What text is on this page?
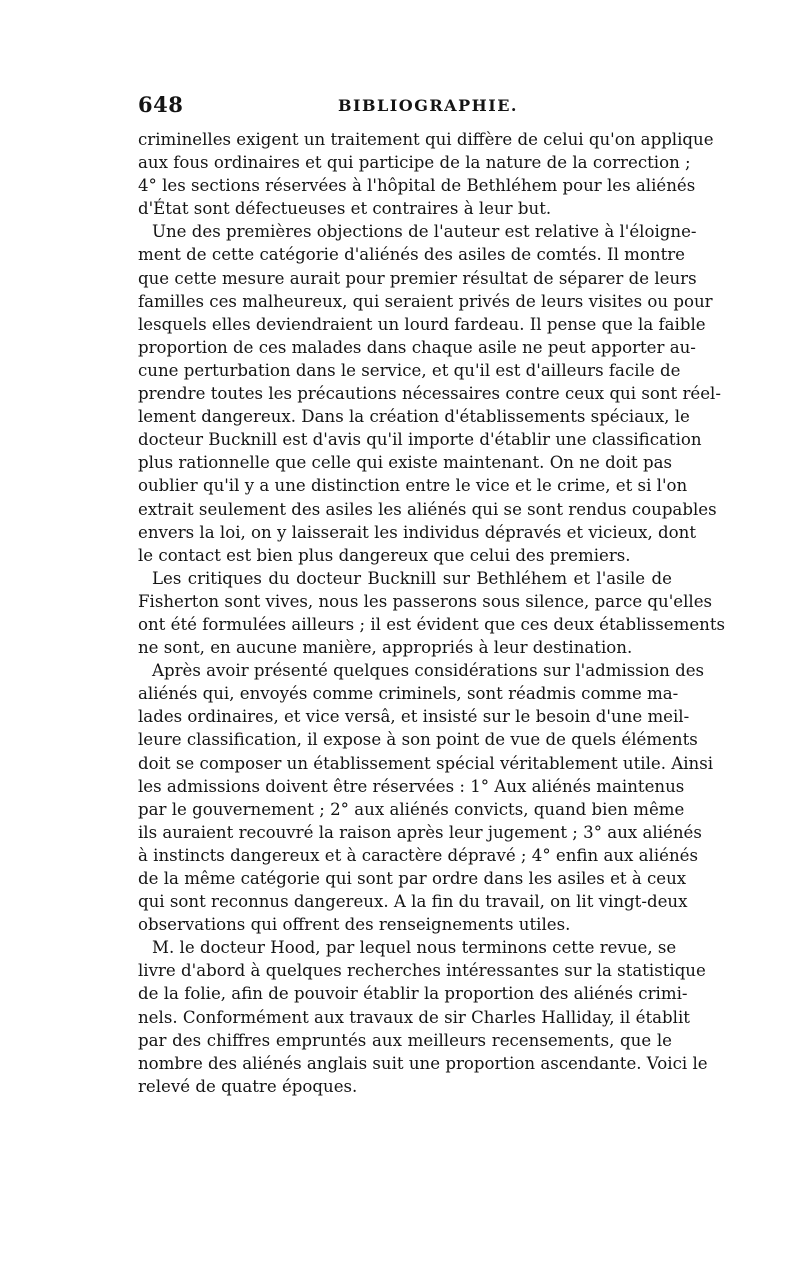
648	BIBLIOGRAPHIE.
criminelles exigent un traitement qui diffère de celui qu'on applique
aux fous ordinaires et qui participe de la nature de la correction ;
4° les sections réservées à l'hôpital de Bethléhem pour les aliénés
d'État sont défectueuses et contraires à leur but.
Une des premières objections de l'auteur est relative à l'éloigne-
ment de cette catégorie d'aliénés des asiles de comtés. Il montre
que cette mesure aurait pour premier résultat de séparer de leurs
familles ces malheureux, qui seraient privés de leurs visites ou pour
lesquels elles deviendraient un lourd fardeau. Il pense que la faible
proportion de ces malades dans chaque asile ne peut apporter au-
cune perturbation dans le service, et qu'il est d'ailleurs facile de
prendre toutes les précautions nécessaires contre ceux qui sont réel-
lement dangereux. Dans la création d'établissements spéciaux, le
docteur Bucknill est d'avis qu'il importe d'établir une classification
plus rationnelle que celle qui existe maintenant. On ne doit pas
oublier qu'il y a une distinction entre le vice et le crime, et si l'on
extrait seulement des asiles les aliénés qui se sont rendus coupables
envers la loi, on y laisserait les individus dépravés et vicieux, dont
le contact est bien plus dangereux que celui des premiers.
Les critiques du docteur Bucknill sur Bethléhem et l'asile de
Fisherton sont vives, nous les passerons sous silence, parce qu'elles
ont été formulées ailleurs ; il est évident que ces deux établissements
ne sont, en aucune manière, appropriés à leur destination.
Après avoir présenté quelques considérations sur l'admission des
aliénés qui, envoyés comme criminels, sont réadmis comme ma-
lades ordinaires, et vice versâ, et insisté sur le besoin d'une meil-
leure classification, il expose à son point de vue de quels éléments
doit se composer un établissement spécial véritablement utile. Ainsi
les admissions doivent être réservées : 1° Aux aliénés maintenus
par le gouvernement ; 2° aux aliénés convicts, quand bien même
ils auraient recouvré la raison après leur jugement ; 3° aux aliénés
à instincts dangereux et à caractère dépravé ; 4° enfin aux aliénés
de la même catégorie qui sont par ordre dans les asiles et à ceux
qui sont reconnus dangereux. A la fin du travail, on lit vingt-deux
observations qui offrent des renseignements utiles.
M. le docteur Hood, par lequel nous terminons cette revue, se
livre d'abord à quelques recherches intéressantes sur la statistique
de la folie, afin de pouvoir établir la proportion des aliénés crimi-
nels. Conformément aux travaux de sir Charles Halliday, il établit
par des chiffres empruntés aux meilleurs recensements, que le
nombre des aliénés anglais suit une proportion ascendante. Voici le
relevé de quatre époques.
